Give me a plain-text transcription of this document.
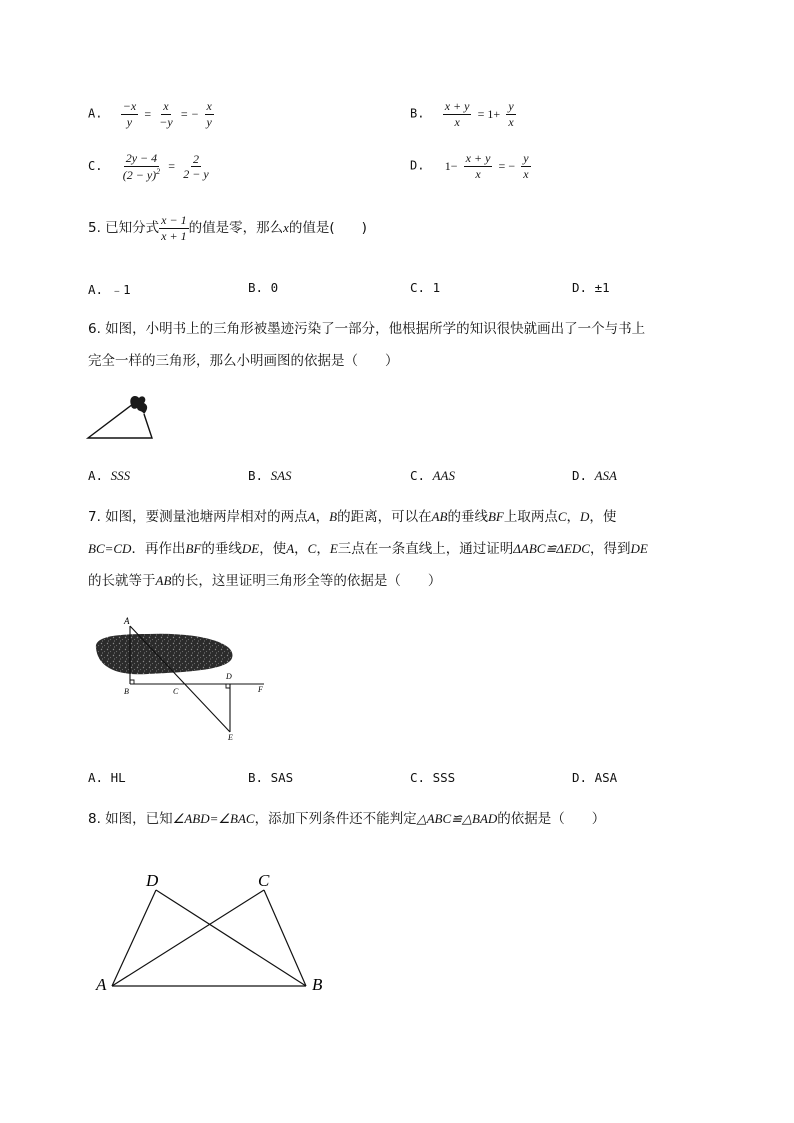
A. $\frac{-x}{y} = \frac{x}{-y}$ = − $\frac{x}{y}$	B. $\frac{x + y}{x} = 1+ \frac{y}{x}$
C. $\frac{2y - 4}{(2 - y)^2} = \frac{2}{2 - y}$	D. $1- \frac{x + y}{x}$ = − $\frac{y}{x}$
5. 已知分式 $\frac{x - 1}{x + 1}$ 的值是零，那么x的值是(　　)
A. ﹣1	B. 0	C. 1	D. ±1
6. 如图，小明书上的三角形被墨迹污染了一部分，他根据所学的知识很快就画出了一个与书上
完全一样的三角形，那么小明画图的依据是（　　）
A. SSS	B. SAS	C. AAS	D. ASA
7. 如图，要测量池塘两岸相对的两点A，B的距离，可以在AB的垂线BF上取两点C，D，使
BC=CD．再作出BF的垂线DE，使A，C，E三点在一条直线上，通过证明ΔABC≌ΔEDC，得到DE
的长就等于AB的长，这里证明三角形全等的依据是（　　）
A
B	C
D
F
E
A. HL	B. SAS	C. SSS	D. ASA
8. 如图，已知∠ABD=∠BAC，添加下列条件还不能判定△ABC≌△BAD的依据是（　　）
D	C
A	B
